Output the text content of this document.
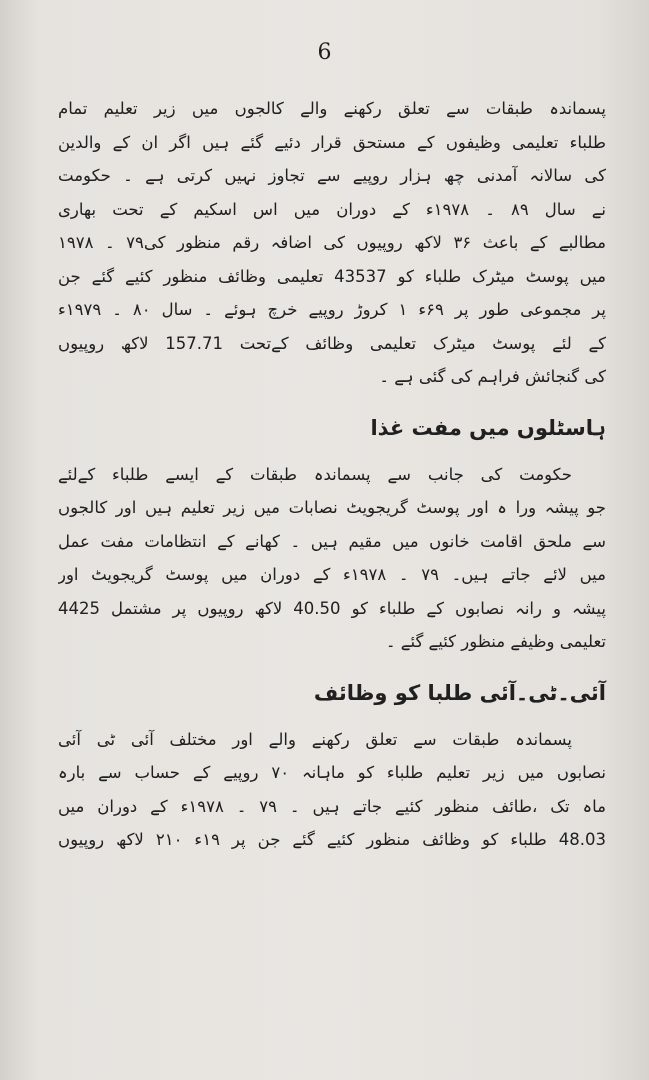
6
پسماندہ طبقات سے تعلق رکھنے والے کالجوں میں زیر تعلیم تمام
طلباء تعلیمی وظیفوں کے مستحق قرار دئیے گئے ہیں اگر ان کے والدین
کی سالانہ آمدنی چھ ہزار روپیے سے تجاوز نہیں کرتی ہے ۔ حکومت
نے سال ۸۹ ۔ ۱۹۷۸ء کے دوران میں اس اسکیم کے تحت بھاری
مطالبے کے باعث ۳۶ لاکھ روپیوں کی اضافہ رقم منظور کی۷۹ ۔ ۱۹۷۸
میں پوسٹ میٹرک طلباء کو 43537 تعلیمی وظائف منظور کئیے گئے جن
پر مجموعی طور پر ۶۹ء ۱ کروڑ روپیے خرچ ہوئے ۔ سال ۸۰ ۔ ۱۹۷۹ء
کے لئے پوسٹ میٹرک تعلیمی وظائف کےتحت 157.71 لاکھ روپیوں
کی گنجائش فراہم کی گئی ہے ۔
ہاسٹلوں میں مفت غذا
حکومت کی جانب سے پسماندہ طبقات کے ایسے طلباء کےلئے
جو پیشہ ورا ہ اور پوسٹ گریجویٹ نصابات میں زیر تعلیم ہیں اور کالجوں
سے ملحق اقامت خانوں میں مقیم ہیں ۔ کھانے کے انتظامات مفت عمل
میں لائے جاتے ہیں۔ ۷۹ ۔ ۱۹۷۸ء کے دوران میں پوسٹ گریجویٹ اور
پیشہ و رانہ نصابوں کے طلباء کو 40.50 لاکھ روپیوں پر مشتمل 4425
تعلیمی وظیفے منظور کئیے گئے ۔
آئی۔ٹی۔آئی طلبا کو وظائف
پسماندہ طبقات سے تعلق رکھنے والے اور مختلف آئی ٹی آئی
نصابوں میں زیر تعلیم طلباء کو ماہانہ ۷۰ روپیے کے حساب سے بارہ
ماہ تک ،طائف منظور کئیے جاتے ہیں ۔ ۷۹ ۔ ۱۹۷۸ء کے دوران میں
48.03 طلباء کو وظائف منظور کئیے گئے جن پر ۱۹ء ۲۱۰ لاکھ روپیوں
